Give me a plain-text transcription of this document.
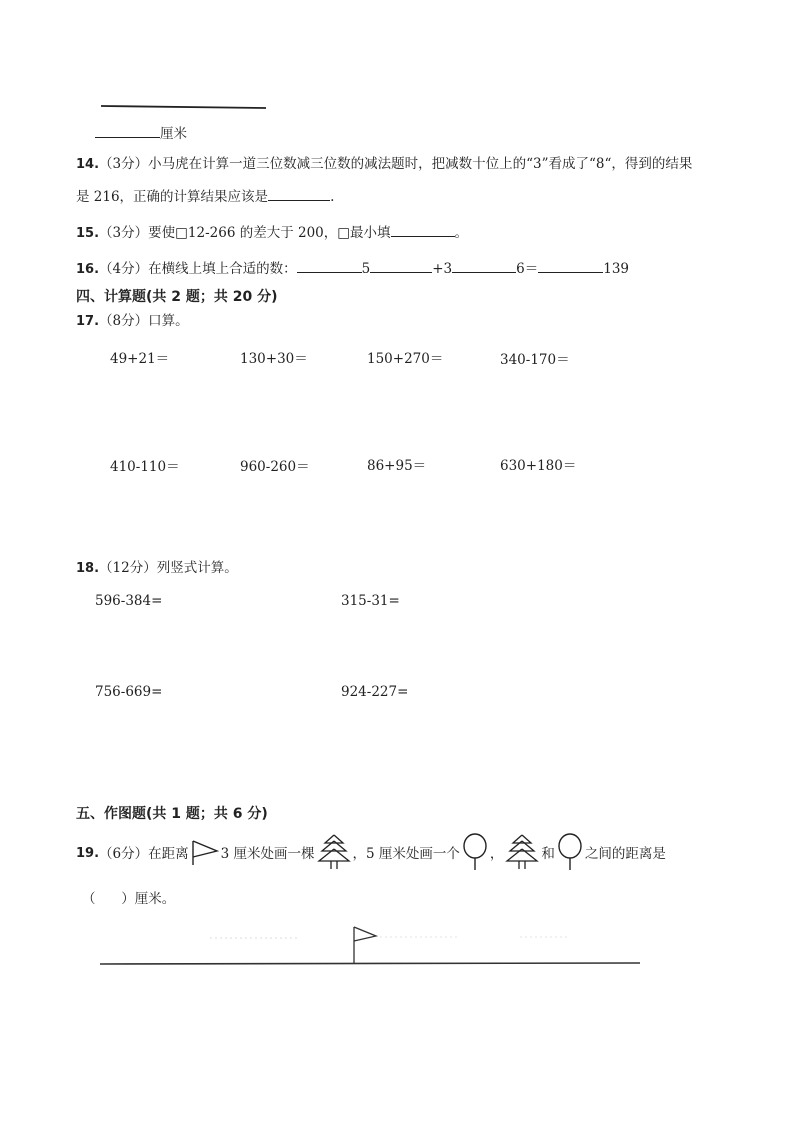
厘米
14.（3分）小马虎在计算一道三位数减三位数的减法题时，把减数十位上的“3”看成了“8“，得到的结果
是 216，正确的计算结果应该是	.
15.（3分）要使□12-266 的差大于 200，□最小填	。
16.（4分）在横线上填上合适的数：	5	+3	6＝	139
四、计算题(共 2 题；共 20 分)
17.（8分）口算。
49+21＝	130+30＝	150+270＝	340-170＝
410-110＝	960-260＝	86+95＝	630+180＝
18.（12分）列竖式计算。
596-384=	315-31=
756-669=	924-227=
五、作图题(共 1 题；共 6 分)
19 . （6分） 在距离 3 厘米处画一棵	，5 厘米处画一个 ，	和 之间的距离是
（      ）厘米。
